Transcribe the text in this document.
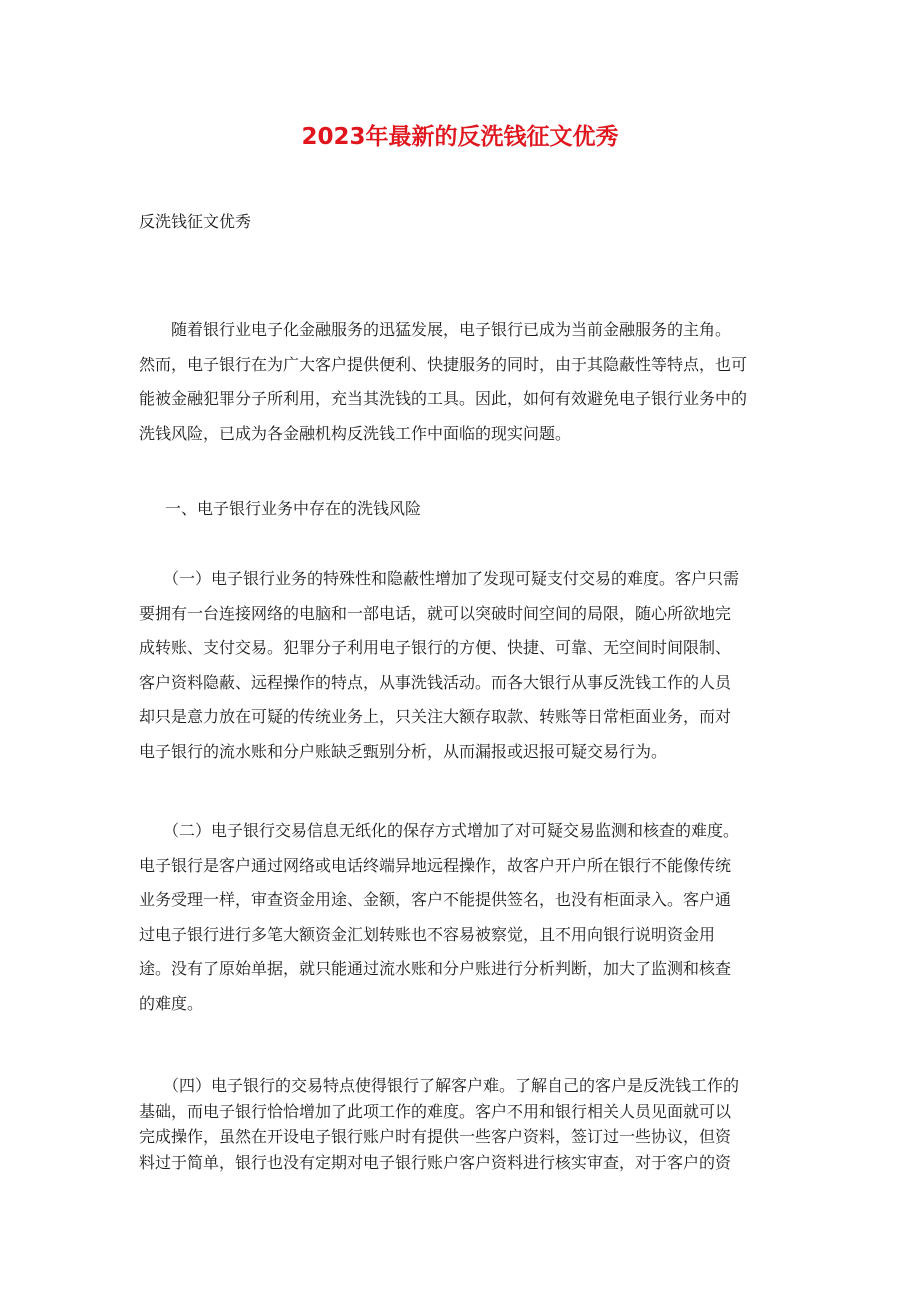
2023年最新的反洗钱征文优秀
反洗钱征文优秀
　　随着银行业电子化金融服务的迅猛发展，电子银行已成为当前金融服务的主角。
然而，电子银行在为广大客户提供便利、快捷服务的同时，由于其隐蔽性等特点，也可
能被金融犯罪分子所利用，充当其洗钱的工具。因此，如何有效避免电子银行业务中的
洗钱风险，已成为各金融机构反洗钱工作中面临的现实问题。
一、电子银行业务中存在的洗钱风险
　　（一）电子银行业务的特殊性和隐蔽性增加了发现可疑支付交易的难度。客户只需
要拥有一台连接网络的电脑和一部电话，就可以突破时间空间的局限，随心所欲地完
成转账、支付交易。犯罪分子利用电子银行的方便、快捷、可靠、无空间时间限制、
客户资料隐蔽、远程操作的特点，从事洗钱活动。而各大银行从事反洗钱工作的人员
却只是意力放在可疑的传统业务上，只关注大额存取款、转账等日常柜面业务，而对
电子银行的流水账和分户账缺乏甄别分析，从而漏报或迟报可疑交易行为。
　　（二）电子银行交易信息无纸化的保存方式增加了对可疑交易监测和核查的难度。
电子银行是客户通过网络或电话终端异地远程操作，故客户开户所在银行不能像传统
业务受理一样，审查资金用途、金额，客户不能提供签名，也没有柜面录入。客户通
过电子银行进行多笔大额资金汇划转账也不容易被察觉，且不用向银行说明资金用
途。没有了原始单据，就只能通过流水账和分户账进行分析判断，加大了监测和核查
的难度。
　　（四）电子银行的交易特点使得银行了解客户难。了解自己的客户是反洗钱工作的
基础，而电子银行恰恰增加了此项工作的难度。客户不用和银行相关人员见面就可以
完成操作，虽然在开设电子银行账户时有提供一些客户资料，签订过一些协议，但资
料过于简单，银行也没有定期对电子银行账户客户资料进行核实审查，对于客户的资
